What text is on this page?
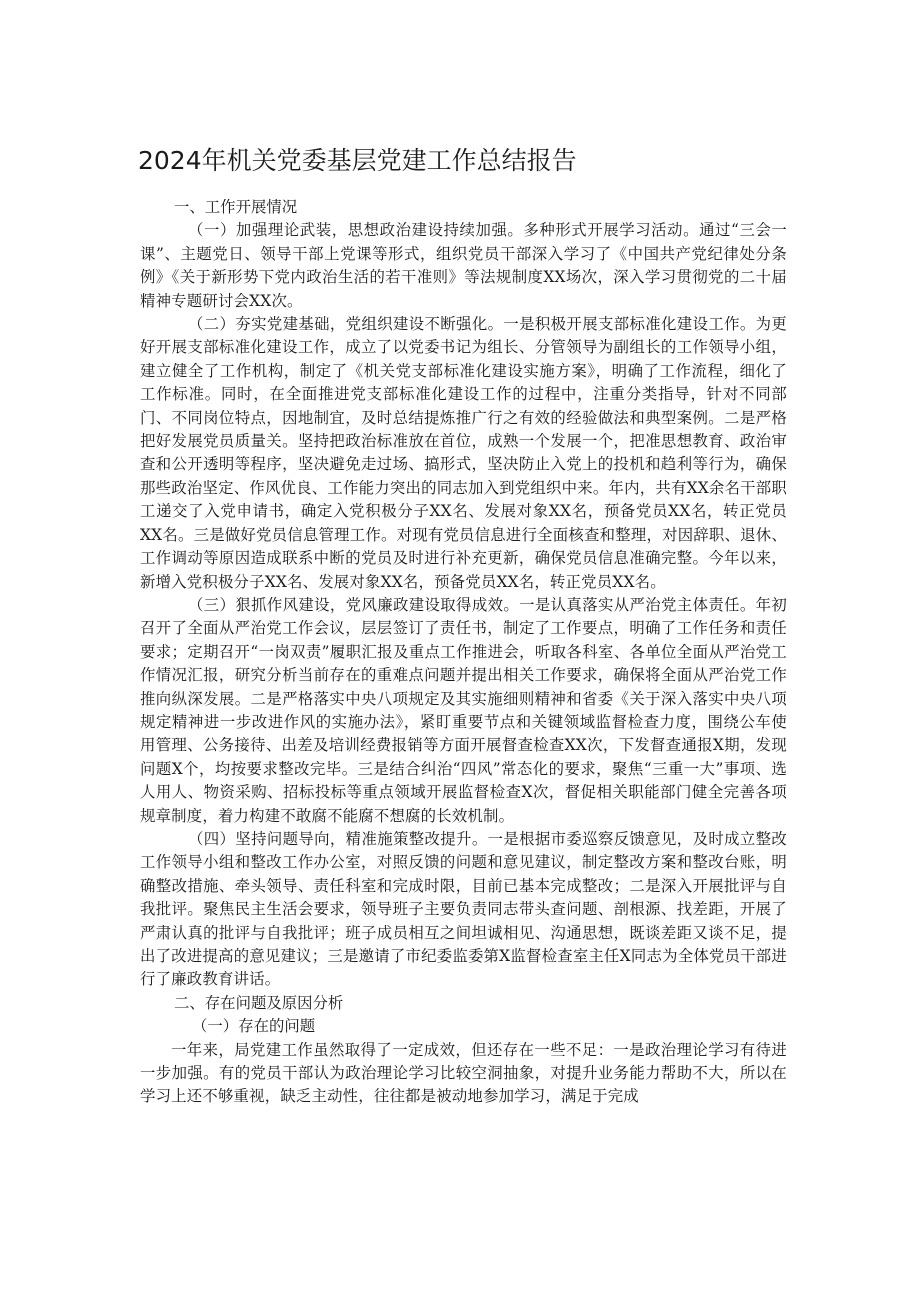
2024年机关党委基层党建工作总结报告

一、工作开展情况

（一）加强理论武装，思想政治建设持续加强。多种形式开展学习活动。通过“三会一课”、主题党日、领导干部上党课等形式，组织党员干部深入学习了《中国共产党纪律处分条例》《关于新形势下党内政治生活的若干准则》等法规制度XX场次，深入学习贯彻党的二十届精神专题研讨会XX次。

（二）夯实党建基础，党组织建设不断强化。一是积极开展支部标准化建设工作。为更好开展支部标准化建设工作，成立了以党委书记为组长、分管领导为副组长的工作领导小组，建立健全了工作机构，制定了《机关党支部标准化建设实施方案》，明确了工作流程，细化了工作标准。同时，在全面推进党支部标准化建设工作的过程中，注重分类指导，针对不同部门、不同岗位特点，因地制宜，及时总结提炼推广行之有效的经验做法和典型案例。二是严格把好发展党员质量关。坚持把政治标准放在首位，成熟一个发展一个，把准思想教育、政治审查和公开透明等程序，坚决避免走过场、搞形式，坚决防止入党上的投机和趋利等行为，确保那些政治坚定、作风优良、工作能力突出的同志加入到党组织中来。年内，共有XX余名干部职工递交了入党申请书，确定入党积极分子XX名、发展对象XX名，预备党员XX名，转正党员XX名。三是做好党员信息管理工作。对现有党员信息进行全面核查和整理，对因辞职、退休、工作调动等原因造成联系中断的党员及时进行补充更新，确保党员信息准确完整。今年以来，新增入党积极分子XX名、发展对象XX名，预备党员XX名，转正党员XX名。

（三）狠抓作风建设，党风廉政建设取得成效。一是认真落实从严治党主体责任。年初召开了全面从严治党工作会议，层层签订了责任书，制定了工作要点，明确了工作任务和责任要求；定期召开“一岗双责”履职汇报及重点工作推进会，听取各科室、各单位全面从严治党工作情况汇报，研究分析当前存在的重难点问题并提出相关工作要求，确保将全面从严治党工作推向纵深发展。二是严格落实中央八项规定及其实施细则精神和省委《关于深入落实中央八项规定精神进一步改进作风的实施办法》，紧盯重要节点和关键领域监督检查力度，围绕公车使用管理、公务接待、出差及培训经费报销等方面开展督查检查XX次，下发督查通报X期，发现问题X个，均按要求整改完毕。三是结合纠治“四风”常态化的要求，聚焦“三重一大”事项、选人用人、物资采购、招标投标等重点领域开展监督检查X次，督促相关职能部门健全完善各项规章制度，着力构建不敢腐不能腐不想腐的长效机制。

（四）坚持问题导向，精准施策整改提升。一是根据市委巡察反馈意见，及时成立整改工作领导小组和整改工作办公室，对照反馈的问题和意见建议，制定整改方案和整改台账，明确整改措施、牵头领导、责任科室和完成时限，目前已基本完成整改；二是深入开展批评与自我批评。聚焦民主生活会要求，领导班子主要负责同志带头查问题、剖根源、找差距，开展了严肃认真的批评与自我批评；班子成员相互之间坦诚相见、沟通思想，既谈差距又谈不足，提出了改进提高的意见建议；三是邀请了市纪委监委第X监督检查室主任X同志为全体党员干部进行了廉政教育讲话。

二、存在问题及原因分析

（一）存在的问题

一年来，局党建工作虽然取得了一定成效，但还存在一些不足：一是政治理论学习有待进一步加强。有的党员干部认为政治理论学习比较空洞抽象，对提升业务能力帮助不大，所以在学习上还不够重视，缺乏主动性，往往都是被动地参加学习，满足于完成
